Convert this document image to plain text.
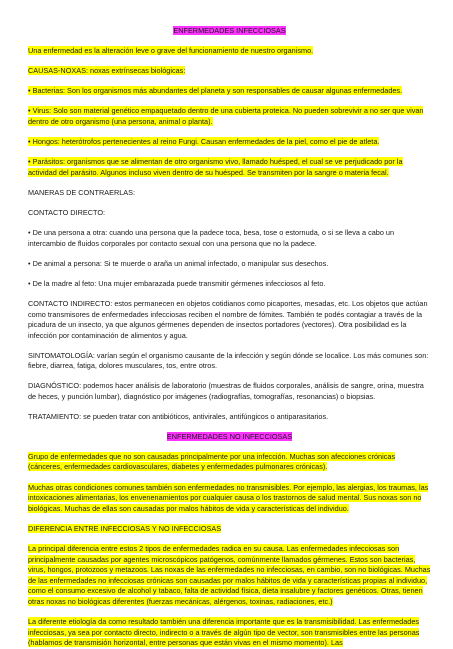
ENFERMEDADES INFECCIOSAS

Una enfermedad es la alteración leve o grave del funcionamiento de nuestro organismo.

CAUSAS-NOXAS: noxas extrínsecas biológicas:

• Bacterias: Son los organismos más abundantes del planeta y son responsables de causar algunas enfermedades.

• Virus: Solo son material genético empaquetado dentro de una cubierta proteica. No pueden sobrevivir a no ser que vivan dentro de otro organismo (una persona, animal o planta).

• Hongos: heterótrofos pertenecientes al reino Fungi. Causan enfermedades de la piel, como el pie de atleta.

• Parásitos: organismos que se alimentan de otro organismo vivo, llamado huésped, el cual se ve perjudicado por la actividad del parásito. Algunos incluso viven dentro de su huésped. Se transmiten por la sangre o materia fecal.

MANERAS DE CONTRAERLAS:

CONTACTO DIRECTO:

• De una persona a otra: cuando una persona que la padece toca, besa, tose o estornuda, o si se lleva a cabo un intercambio de fluidos corporales por contacto sexual con una persona que no la padece.

• De animal a persona: Si te muerde o araña un animal infectado, o manipular sus desechos.

• De la madre al feto: Una mujer embarazada puede transmitir gérmenes infecciosos al feto.

CONTACTO INDIRECTO: estos permanecen en objetos cotidianos como picaportes, mesadas, etc. Los objetos que actúan como transmisores de enfermedades infecciosas reciben el nombre de fómites. También te podés contagiar a través de la picadura de un insecto, ya que algunos gérmenes dependen de insectos portadores (vectores). Otra posibilidad es la infección por contaminación de alimentos y agua.

SINTOMATOLOGÍA: varían según el organismo causante de la infección y según dónde se localice. Los más comunes son: fiebre, diarrea, fatiga, dolores musculares, tos, entre otros.

DIAGNÓSTICO: podemos hacer análisis de laboratorio (muestras de fluidos corporales, análisis de sangre, orina, muestra de heces, y punción lumbar), diagnóstico por imágenes (radiografías, tomografías, resonancias) o biopsias.

TRATAMIENTO: se pueden tratar con antibióticos, antivirales, antifúngicos o antiparasitarios.

ENFERMEDADES NO INFECCIOSAS

Grupo de enfermedades que no son causadas principalmente por una infección. Muchas son afecciones crónicas (cánceres, enfermedades cardiovasculares, diabetes y enfermedades pulmonares crónicas).

Muchas otras condiciones comunes también son enfermedades no transmisibles. Por ejemplo, las alergias, los traumas, las intoxicaciones alimentarias, los envenenamientos por cualquier causa o los trastornos de salud mental. Sus noxas son no biológicas. Muchas de ellas son causadas por malos hábitos de vida y características del individuo.

DIFERENCIA ENTRE INFECCIOSAS Y NO INFECCIOSAS

La principal diferencia entre estos 2 tipos de enfermedades radica en su causa. Las enfermedades infecciosas son principalmente causadas por agentes microscópicos patógenos, comúnmente llamados gérmenes. Estos son bacterias, virus, hongos, protozoos y metazoos. Las noxas de las enfermedades no infecciosas, en cambio, son no biológicas. Muchas de las enfermedades no infecciosas crónicas son causadas por malos hábitos de vida y características propias al individuo, como el consumo excesivo de alcohol y tabaco, falta de actividad física, dieta insalubre y factores genéticos. Otras, tienen otras noxas no biológicas diferentes (fuerzas mecánicas, alérgenos, toxinas, radiaciones, etc.)

La diferente etiología da como resultado también una diferencia importante que es la transmisibilidad. Las enfermedades infecciosas, ya sea por contacto directo, indirecto o a través de algún tipo de vector, son transmisibles entre las personas (hablamos de transmisión horizontal, entre personas que están vivas en el mismo momento). Las
